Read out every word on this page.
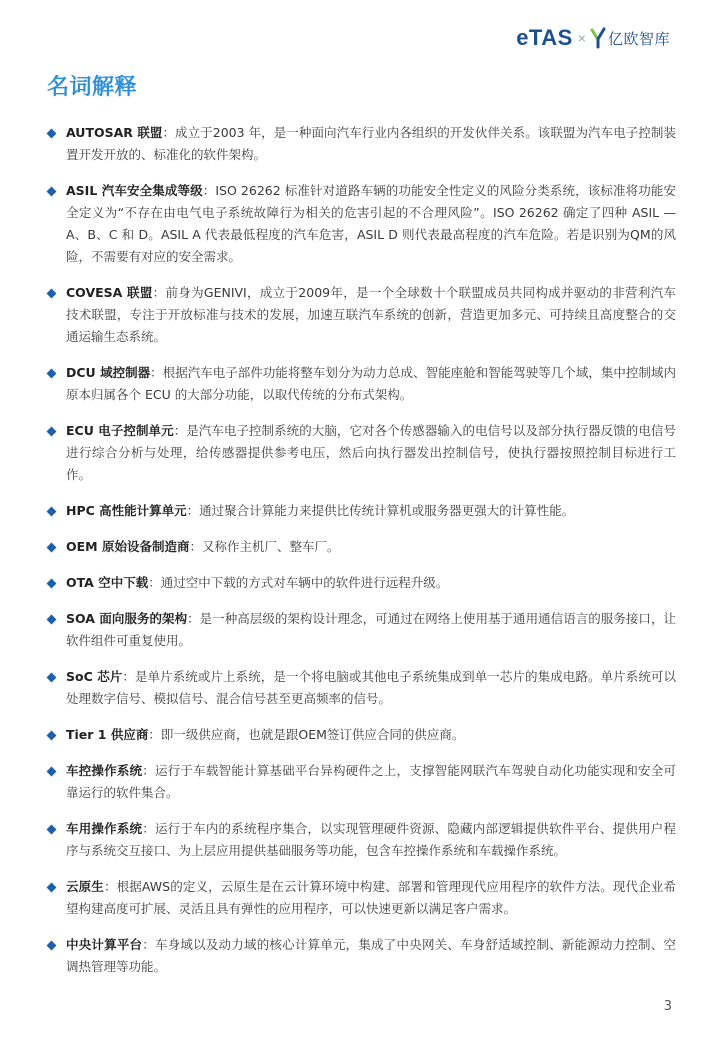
eTAS × 亿欧智库
名词解释
AUTOSAR 联盟：成立于2003 年，是一种面向汽车行业内各组织的开发伙伴关系。该联盟为汽车电子控制装置开发开放的、标准化的软件架构。
ASIL 汽车安全集成等级：ISO 26262 标准针对道路车辆的功能安全性定义的风险分类系统，该标准将功能安全定义为“不存在由电气电子系统故障行为相关的危害引起的不合理风险”。ISO 26262 确定了四种 ASIL — A、B、C 和 D。ASIL A 代表最低程度的汽车危害，ASIL D 则代表最高程度的汽车危险。若是识别为QM的风险，不需要有对应的安全需求。
COVESA 联盟：前身为GENIVI，成立于2009年，是一个全球数十个联盟成员共同构成并驱动的非营利汽车技术联盟，专注于开放标准与技术的发展，加速互联汽车系统的创新，营造更加多元、可持续且高度整合的交通运输生态系统。
DCU 域控制器：根据汽车电子部件功能将整车划分为动力总成、智能座舱和智能驾驶等几个域，集中控制域内原本归属各个 ECU 的大部分功能，以取代传统的分布式架构。
ECU 电子控制单元：是汽车电子控制系统的大脑，它对各个传感器输入的电信号以及部分执行器反馈的电信号进行综合分析与处理，给传感器提供参考电压，然后向执行器发出控制信号，使执行器按照控制目标进行工作。
HPC 高性能计算单元：通过聚合计算能力来提供比传统计算机或服务器更强大的计算性能。
OEM 原始设备制造商：又称作主机厂、整车厂。
OTA 空中下载：通过空中下载的方式对车辆中的软件进行远程升级。
SOA 面向服务的架构：是一种高层级的架构设计理念，可通过在网络上使用基于通用通信语言的服务接口，让软件组件可重复使用。
SoC 芯片：是单片系统或片上系统，是一个将电脑或其他电子系统集成到单一芯片的集成电路。单片系统可以处理数字信号、模拟信号、混合信号甚至更高频率的信号。
Tier 1 供应商：即一级供应商，也就是跟OEM签订供应合同的供应商。
车控操作系统：运行于车载智能计算基础平台异构硬件之上，支撑智能网联汽车驾驶自动化功能实现和安全可靠运行的软件集合。
车用操作系统：运行于车内的系统程序集合，以实现管理硬件资源、隐藏内部逻辑提供软件平台、提供用户程序与系统交互接口、为上层应用提供基础服务等功能，包含车控操作系统和车载操作系统。
云原生：根据AWS的定义，云原生是在云计算环境中构建、部署和管理现代应用程序的软件方法。现代企业希望构建高度可扩展、灵活且具有弹性的应用程序，可以快速更新以满足客户需求。
中央计算平台：车身域以及动力域的核心计算单元，集成了中央网关、车身舒适域控制、新能源动力控制、空调热管理等功能。
3
